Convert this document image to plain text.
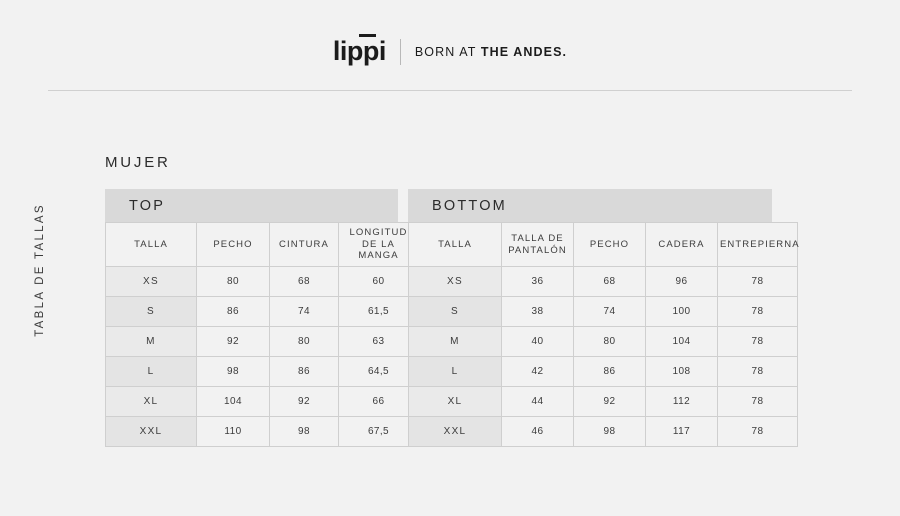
lippi BORN AT THE ANDES.
TABLA DE TALLAS
MUJER
TOP
TALLA	PECHO	CINTURA	LONGITUD
DE LA MANGA

XS	80	68	60
S	86	74	61,5
M	92	80	63
L	98	86	64,5
XL	104	92	66
XXL	110	98	67,5
BOTTOM
TALLA	TALLA DE
PANTALÓN	PECHO	CADERA	ENTREPIERNA

XS	36	68	96	78
S	38	74	100	78
M	40	80	104	78
L	42	86	108	78
XL	44	92	112	78
XXL	46	98	117	78
